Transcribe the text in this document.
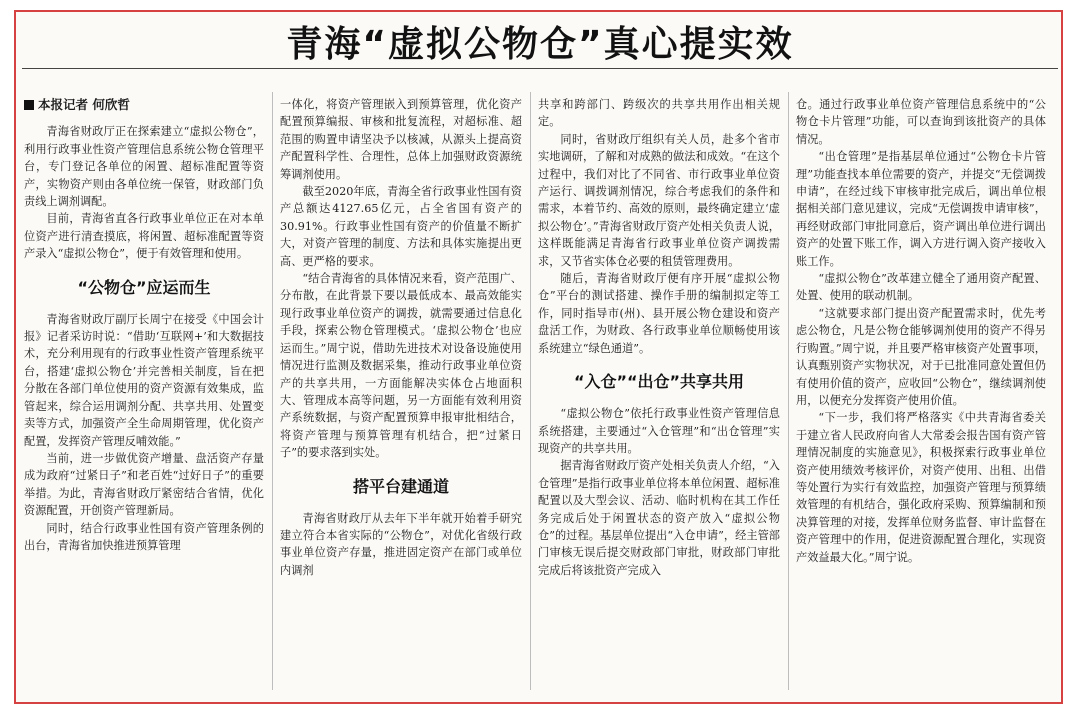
青海“虚拟公物仓”真心提实效

本报记者 何欣哲

青海省财政厅正在探索建立“虚拟公物仓”，利用行政事业性资产管理信息系统公物仓管理平台，专门登记各单位的闲置、超标准配置等资产，实物资产则由各单位统一保管，财政部门负责线上调剂调配。

目前，青海省直各行政事业单位正在对本单位资产进行清查摸底，将闲置、超标准配置等资产录入“虚拟公物仓”，便于有效管理和使用。

“公物仓”应运而生

青海省财政厅副厅长周宁在接受《中国会计报》记者采访时说：“借助‘互联网+’和大数据技术，充分利用现有的行政事业性资产管理系统平台，搭建‘虚拟公物仓’并完善相关制度，旨在把分散在各部门单位使用的资产资源有效集成，监管起来，综合运用调剂分配、共享共用、处置变卖等方式，加强资产全生命周期管理，优化资产配置，发挥资产管理反哺效能。”

当前，进一步做优资产增量、盘活资产存量成为政府“过紧日子”和老百姓“过好日子”的重要举措。为此，青海省财政厅紧密结合省情，优化资源配置，开创资产管理新局。

同时，结合行政事业性国有资产管理条例的出台，青海省加快推进预算管理

一体化，将资产管理嵌入到预算管理，优化资产配置预算编报、审核和批复流程，对超标准、超范围的购置申请坚决予以核减，从源头上提高资产配置科学性、合理性，总体上加强财政资源统筹调剂使用。

截至2020年底，青海全省行政事业性国有资产总额达4127.65亿元，占全省国有资产的30.91%。行政事业性国有资产的价值量不断扩大，对资产管理的制度、方法和具体实施提出更高、更严格的要求。

“结合青海省的具体情况来看，资产范围广、分布散，在此背景下要以最低成本、最高效能实现行政事业单位资产的调拨，就需要通过信息化手段，探索公物仓管理模式。‘虚拟公物仓’也应运而生。”周宁说，借助先进技术对设备设施使用情况进行监测及数据采集，推动行政事业单位资产的共享共用，一方面能解决实体仓占地面积大、管理成本高等问题，另一方面能有效利用资产系统数据，与资产配置预算申报审批相结合，将资产管理与预算管理有机结合，把“过紧日子”的要求落到实处。

搭平台建通道

青海省财政厅从去年下半年就开始着手研究建立符合本省实际的“公物仓”，对优化省级行政事业单位资产存量，推进固定资产在部门或单位内调剂

共享和跨部门、跨级次的共享共用作出相关规定。

同时，省财政厅组织有关人员，赴多个省市实地调研，了解和对成熟的做法和成效。“在这个过程中，我们对比了不同省、市行政事业单位资产运行、调拨调剂情况，综合考虑我们的条件和需求，本着节约、高效的原则，最终确定建立‘虚拟公物仓’。”青海省财政厅资产处相关负责人说，这样既能满足青海省行政事业单位资产调拨需求，又节省实体仓必要的租赁管理费用。

随后，青海省财政厅便有序开展“虚拟公物仓”平台的测试搭建、操作手册的编制拟定等工作，同时指导市(州)、县开展公物仓建设和资产盘活工作，为财政、各行政事业单位顺畅使用该系统建立“绿色通道”。

“入仓”“出仓”共享共用

“虚拟公物仓”依托行政事业性资产管理信息系统搭建，主要通过“入仓管理”和“出仓管理”实现资产的共享共用。

据青海省财政厅资产处相关负责人介绍，“入仓管理”是指行政事业单位将本单位闲置、超标准配置以及大型会议、活动、临时机构在其工作任务完成后处于闲置状态的资产放入“虚拟公物仓”的过程。基层单位提出“入仓申请”，经主管部门审核无误后提交财政部门审批，财政部门审批完成后将该批资产完成入

仓。通过行政事业单位资产管理信息系统中的“公物仓卡片管理”功能，可以查询到该批资产的具体情况。

“出仓管理”是指基层单位通过“公物仓卡片管理”功能查找本单位需要的资产，并提交“无偿调拨申请”，在经过线下审核审批完成后，调出单位根据相关部门意见建议，完成“无偿调拨申请审核”，再经财政部门审批同意后，资产调出单位进行调出资产的处置下账工作，调入方进行调入资产接收入账工作。

“虚拟公物仓”改革建立健全了通用资产配置、处置、使用的联动机制。

“这就要求部门提出资产配置需求时，优先考虑公物仓，凡是公物仓能够调剂使用的资产不得另行购置。”周宁说，并且要严格审核资产处置事项，认真甄别资产实物状况，对于已批准同意处置但仍有使用价值的资产，应收回“公物仓”，继续调剂使用，以便充分发挥资产使用价值。

“下一步，我们将严格落实《中共青海省委关于建立省人民政府向省人大常委会报告国有资产管理情况制度的实施意见》，积极探索行政事业单位资产使用绩效考核评价，对资产使用、出租、出借等处置行为实行有效监控，加强资产管理与预算绩效管理的有机结合，强化政府采购、预算编制和预决算管理的对接，发挥单位财务监督、审计监督在资产管理中的作用，促进资源配置合理化，实现资产效益最大化。”周宁说。
